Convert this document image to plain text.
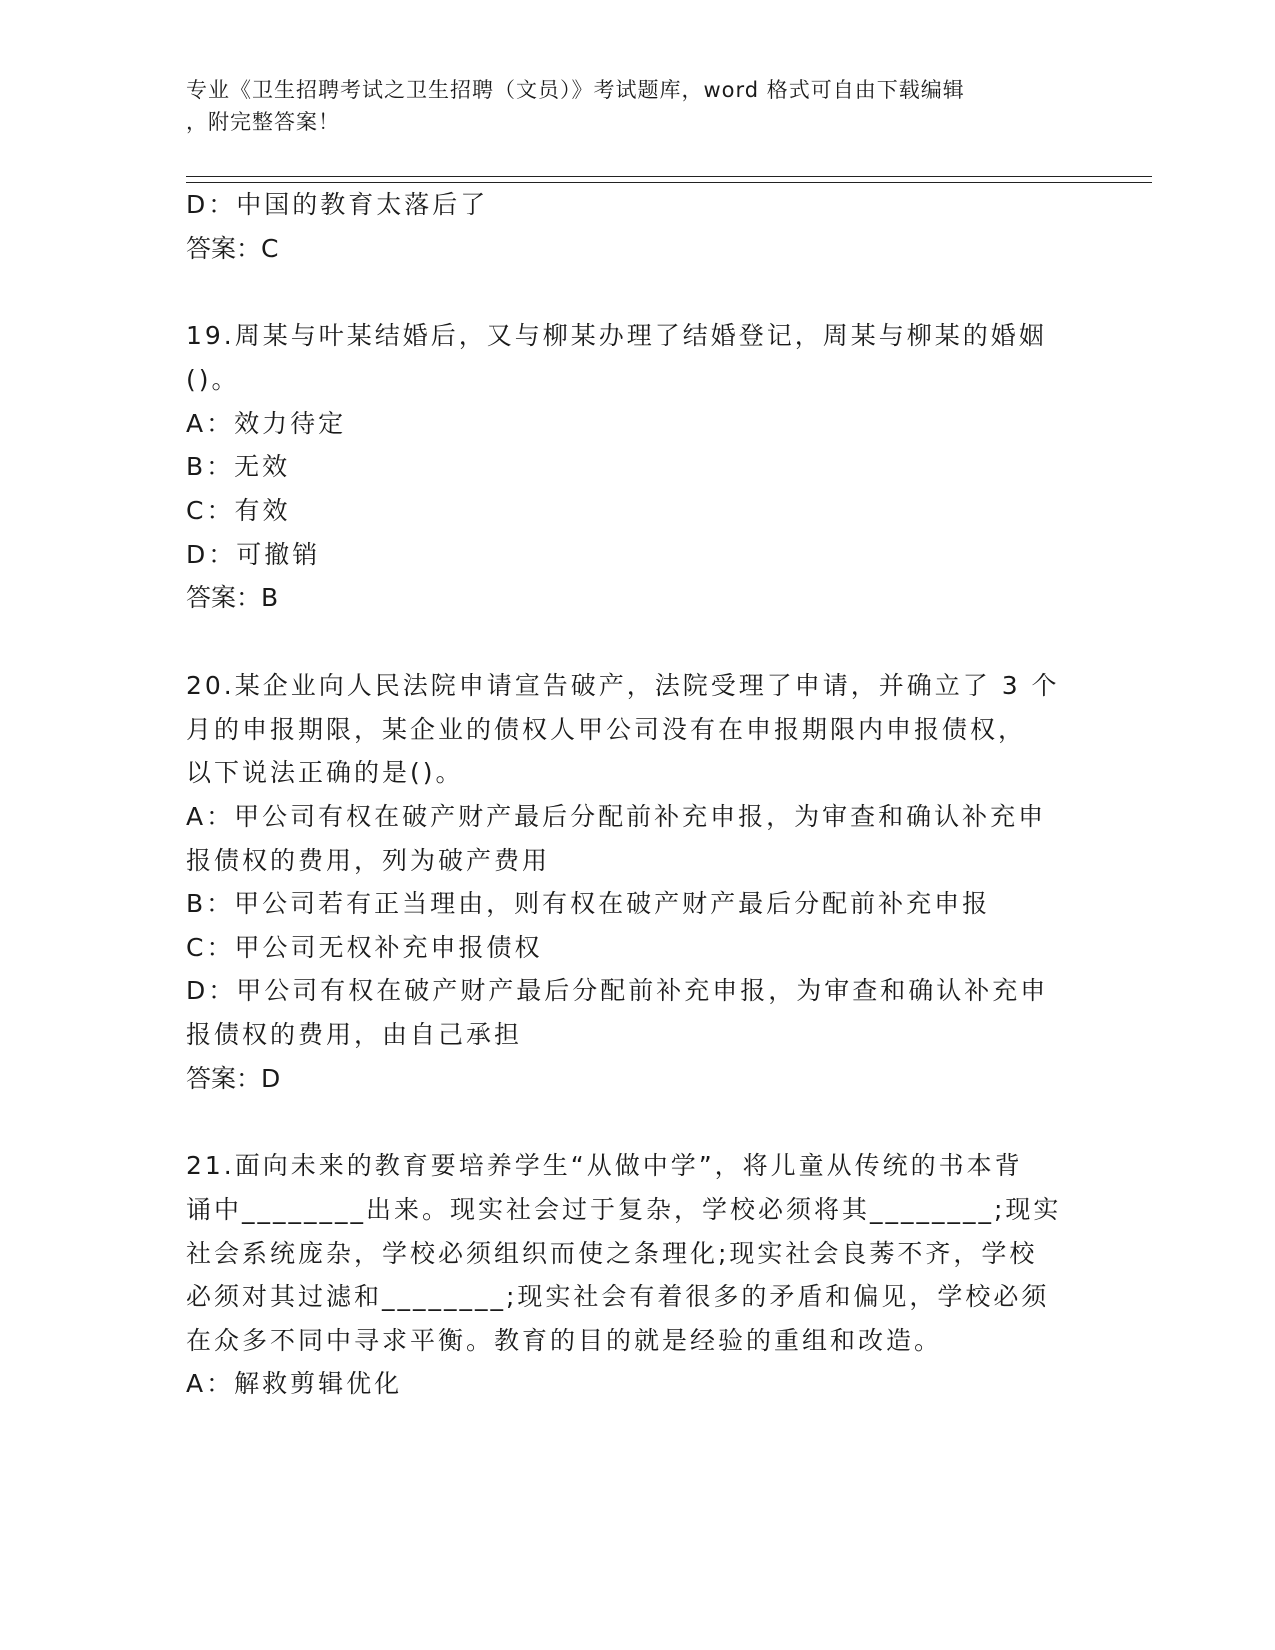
专业《卫生招聘考试之卫生招聘（文员）》考试题库，word 格式可自由下载编辑
，附完整答案！
D：中国的教育太落后了
答案：C
19.周某与叶某结婚后，又与柳某办理了结婚登记，周某与柳某的婚姻
()。
A：效力待定
B：无效
C：有效
D：可撤销
答案：B
20.某企业向人民法院申请宣告破产，法院受理了申请，并确立了 3 个
月的申报期限，某企业的债权人甲公司没有在申报期限内申报债权，
以下说法正确的是()。
A：甲公司有权在破产财产最后分配前补充申报，为审查和确认补充申
报债权的费用，列为破产费用
B：甲公司若有正当理由，则有权在破产财产最后分配前补充申报
C：甲公司无权补充申报债权
D：甲公司有权在破产财产最后分配前补充申报，为审查和确认补充申
报债权的费用，由自己承担
答案：D
21.面向未来的教育要培养学生“从做中学”，将儿童从传统的书本背
诵中________出来。现实社会过于复杂，学校必须将其________;现实
社会系统庞杂，学校必须组织而使之条理化;现实社会良莠不齐，学校
必须对其过滤和________;现实社会有着很多的矛盾和偏见，学校必须
在众多不同中寻求平衡。教育的目的就是经验的重组和改造。
A：解救剪辑优化
